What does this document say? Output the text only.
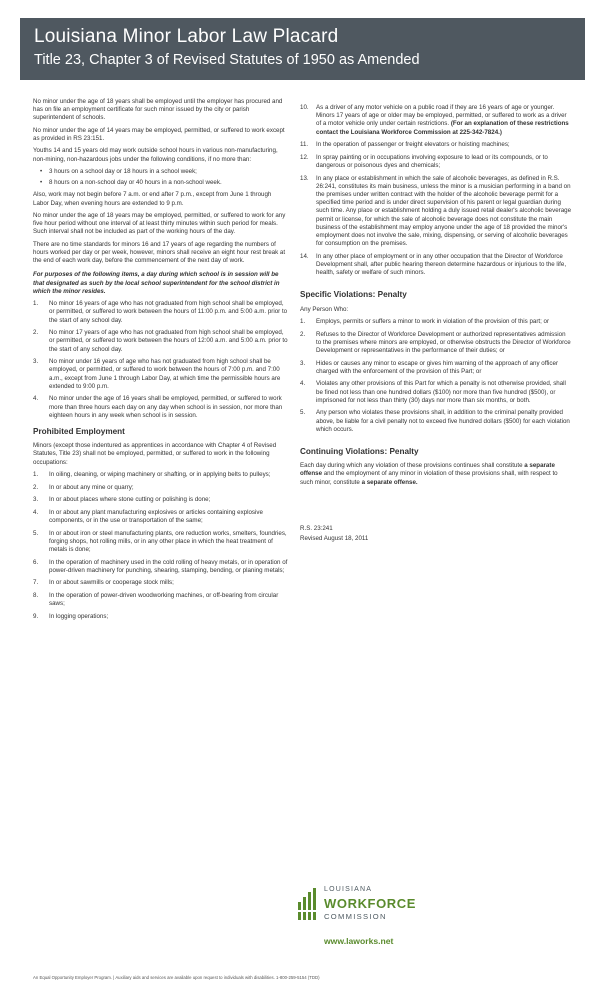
Louisiana Minor Labor Law Placard
Title 23, Chapter 3 of Revised Statutes of 1950 as Amended

No minor under the age of 18 years shall be employed until the employer has procured and has on file an employment certificate for such minor issued by the city or parish superintendent of schools.

No minor under the age of 14 years may be employed, permitted, or suffered to work except as provided in RS 23:151.

Youths 14 and 15 years old may work outside school hours in various non-manufacturing, non-mining, non-hazardous jobs under the following conditions, if no more than:

• 3 hours on a school day or 18 hours in a school week;
• 8 hours on a non-school day or 40 hours in a non-school week.

Also, work may not begin before 7 a.m. or end after 7 p.m., except from June 1 through Labor Day, when evening hours are extended to 9 p.m.

No minor under the age of 18 years may be employed, permitted, or suffered to work for any five hour period without one interval of at least thirty minutes within such period for meals. Such interval shall not be included as part of the working hours of the day.

There are no time standards for minors 16 and 17 years of age regarding the numbers of hours worked per day or per week, however, minors shall receive an eight hour rest break at the end of each work day, before the commencement of the next day of work.

For purposes of the following items, a day during which school is in session will be that designated as such by the local school superintendent for the school district in which the minor resides.

1.	No minor 16 years of age who has not graduated from high school shall be employed, or permitted, or suffered to work between the hours of 11:00 p.m. and 5:00 a.m. prior to the start of any school day.
2.	No minor 17 years of age who has not graduated from high school shall be employed, or permitted, or suffered to work between the hours of 12:00 a.m. and 5:00 a.m. prior to the start of any school day.
3.	No minor under 16 years of age who has not graduated from high school shall be employed, or permitted, or suffered to work between the hours of 7:00 p.m. and 7:00 a.m., except from June 1 through Labor Day, at which time the permissible hours are extended to 9:00 p.m.
4.	No minor under the age of 16 years shall be employed, permitted, or suffered to work more than three hours each day on any day when school is in session, nor more than eighteen hours in any week when school is in session.
Prohibited Employment

Minors (except those indentured as apprentices in accordance with Chapter 4 of Revised Statutes, Title 23) shall not be employed, permitted, or suffered to work in the following occupations:

1.	In oiling, cleaning, or wiping machinery or shafting, or in applying belts to pulleys;
2.	In or about any mine or quarry;
3.	In or about places where stone cutting or polishing is done;
4.	In or about any plant manufacturing explosives or articles containing explosive components, or in the use or transportation of the same;
5.	In or about iron or steel manufacturing plants, ore reduction works, smelters, foundries, forging shops, hot rolling mills, or in any other place in which the heat treatment of metals is done;
6.	In the operation of machinery used in the cold rolling of heavy metals, or in operation of power-driven machinery for punching, shearing, stamping, bending, or planing metals;
7.	In or about sawmills or cooperage stock mills;
8.	In the operation of power-driven woodworking machines, or off-bearing from circular saws;
9.	In logging operations;
10.	As a driver of any motor vehicle on a public road if they are 16 years of age or younger. Minors 17 years of age or older may be employed, permitted, or suffered to work as a driver of a motor vehicle only under certain restrictions. (For an explanation of these restrictions contact the Louisiana Workforce Commission at 225-342-7824.)
11.	In the operation of passenger or freight elevators or hoisting machines;
12.	In spray painting or in occupations involving exposure to lead or its compounds, or to dangerous or poisonous dyes and chemicals;
13.	In any place or establishment in which the sale of alcoholic beverages, as defined in R.S. 26:241, constitutes its main business, unless the minor is a musician performing in a band on the premises under written contract with the holder of the alcoholic beverage permit for a specified time period and is under direct supervision of his parent or legal guardian during such time. Any place or establishment holding a duly issued retail dealer's alcoholic beverage permit or license, for which the sale of alcoholic beverage does not constitute the main business of the establishment may employ anyone under the age of 18 provided the minor's employment does not involve the sale, mixing, dispensing, or serving of alcoholic beverages for consumption on the premises.
14.	In any other place of employment or in any other occupation that the Director of Workforce Development shall, after public hearing thereon determine hazardous or injurious to the life, health, safety or welfare of such minors.
Specific Violations: Penalty

Any Person Who:

1.	Employs, permits or suffers a minor to work in violation of the provision of this part; or
2.	Refuses to the Director of Workforce Development or authorized representatives admission to the premises where minors are employed, or otherwise obstructs the Director of Workforce Development or representatives in the performance of their duties; or
3.	Hides or causes any minor to escape or gives him warning of the approach of any officer charged with the enforcement of the provision of this Part; or
4.	Violates any other provisions of this Part for which a penalty is not otherwise provided, shall be fined not less than one hundred dollars ($100) nor more than five hundred ($500), or imprisoned for not less than thirty (30) days nor more than six months, or both.
5.	Any person who violates these provisions shall, in addition to the criminal penalty provided above, be liable for a civil penalty not to exceed five hundred dollars ($500) for each violation which occurs.
Continuing Violations: Penalty

Each day during which any violation of these provisions continues shall constitute a separate offense and the employment of any minor in violation of these provisions shall, with respect to such minor, constitute a separate offense.

R.S. 23:241

Revised August 18, 2011

LOUISIANA
WORKFORCE
COMMISSION
www.laworks.net
An Equal Opportunity Employer Program. | Auxiliary aids and services are available upon request to individuals with disabilities. 1-800-259-5154 (TDD)
